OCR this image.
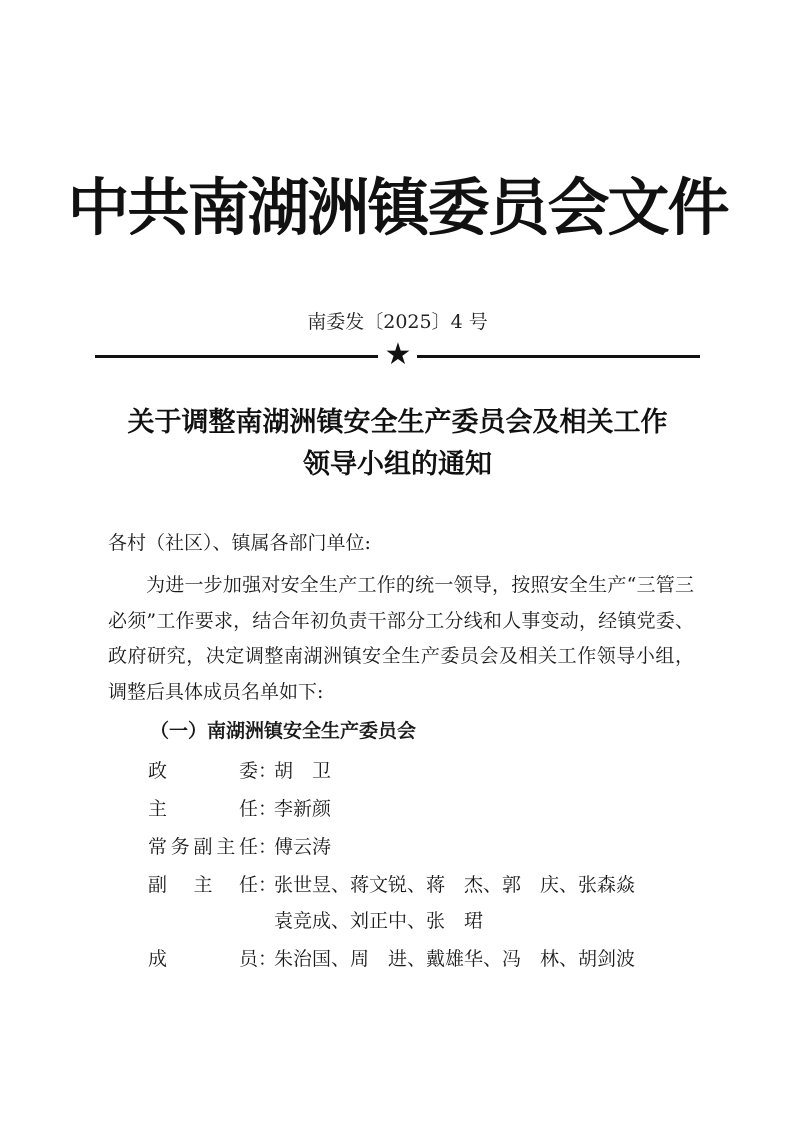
中共南湖洲镇委员会文件
南委发〔2025〕4 号
★
关于调整南湖洲镇安全生产委员会及相关工作
领导小组的通知
各村（社区）、镇属各部门单位:
为进一步加强对安全生产工作的统一领导，按照安全生产“三管三必须”工作要求，结合年初负责干部分工分线和人事变动，经镇党委、政府研究，决定调整南湖洲镇安全生产委员会及相关工作领导小组，调整后具体成员名单如下:
（一）南湖洲镇安全生产委员会
政委 ：
胡　卫
主任 ：
李新颜
常务副主任 ：
傅云涛
副主任 ：
张世昱、蒋文锐、蒋　杰、郭　庆、张森焱
袁竞成、刘正中、张　珺
成员 ：
朱治国、周　进、戴雄华、冯　林、胡剑波
